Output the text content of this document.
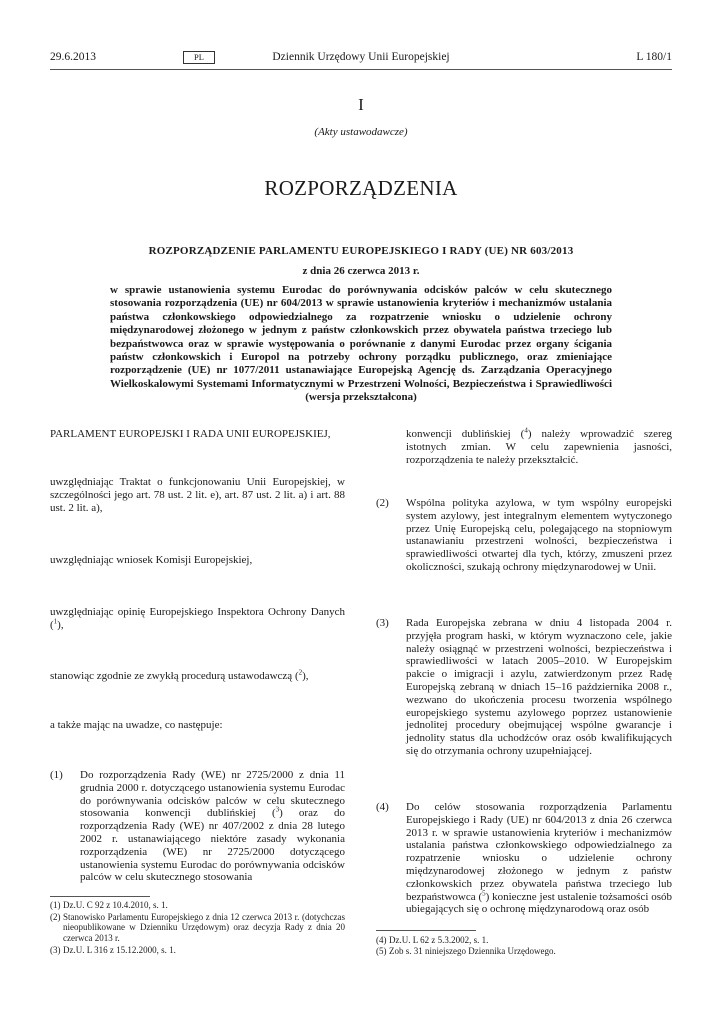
29.6.2013	PL	Dziennik Urzędowy Unii Europejskiej	L 180/1
I
(Akty ustawodawcze)
ROZPORZĄDZENIA
ROZPORZĄDZENIE PARLAMENTU EUROPEJSKIEGO I RADY (UE) NR 603/2013
z dnia 26 czerwca 2013 r.
w sprawie ustanowienia systemu Eurodac do porównywania odcisków palców w celu skutecznego stosowania rozporządzenia (UE) nr 604/2013 w sprawie ustanowienia kryteriów i mechanizmów ustalania państwa członkowskiego odpowiedzialnego za rozpatrzenie wniosku o udzielenie ochrony międzynarodowej złożonego w jednym z państw członkowskich przez obywatela państwa trzeciego lub bezpaństwowca oraz w sprawie występowania o porównanie z danymi Eurodac przez organy ścigania państw członkowskich i Europol na potrzeby ochrony porządku publicznego, oraz zmieniające rozporządzenie (UE) nr 1077/2011 ustanawiające Europejską Agencję ds. Zarządzania Operacyjnego Wielkoskalowymi Systemami Informatycznymi w Przestrzeni Wolności, Bezpieczeństwa i Sprawiedliwości (wersja przekształcona)

PARLAMENT EUROPEJSKI I RADA UNII EUROPEJSKIEJ,

uwzględniając Traktat o funkcjonowaniu Unii Europejskiej, w szczególności jego art. 78 ust. 2 lit. e), art. 87 ust. 2 lit. a) i art. 88 ust. 2 lit. a),

uwzględniając wniosek Komisji Europejskiej,

uwzględniając opinię Europejskiego Inspektora Ochrony Danych ($^1$),

stanowiąc zgodnie ze zwykłą procedurą ustawodawczą ($^2$),

a także mając na uwadze, co następuje:

(1) Do rozporządzenia Rady (WE) nr 2725/2000 z dnia 11 grudnia 2000 r. dotyczącego ustanowienia systemu Eurodac do porównywania odcisków palców w celu skutecznego stosowania konwencji dublińskiej ($^3$) oraz do rozporządzenia Rady (WE) nr 407/2002 z dnia 28 lutego 2002 r. ustanawiającego niektóre zasady wykonania rozporządzenia (WE) nr 2725/2000 dotyczącego ustanowienia systemu Eurodac do porównywania odcisków palców w celu skutecznego stosowania

(1) Dz.U. C 92 z 10.4.2010, s. 1.

(2) Stanowisko Parlamentu Europejskiego z dnia 12 czerwca 2013 r. (dotychczas nieopublikowane w Dzienniku Urzędowym) oraz decyzja Rady z dnia 20 czerwca 2013 r.

(3) Dz.U. L 316 z 15.12.2000, s. 1.

konwencji dublińskiej ($^4$) należy wprowadzić szereg istotnych zmian. W celu zapewnienia jasności, rozporządzenia te należy przekształcić.

(2) Wspólna polityka azylowa, w tym wspólny europejski system azylowy, jest integralnym elementem wytyczonego przez Unię Europejską celu, polegającego na stopniowym ustanawianiu przestrzeni wolności, bezpieczeństwa i sprawiedliwości otwartej dla tych, którzy, zmuszeni przez okoliczności, szukają ochrony międzynarodowej w Unii.

(3) Rada Europejska zebrana w dniu 4 listopada 2004 r. przyjęła program haski, w którym wyznaczono cele, jakie należy osiągnąć w przestrzeni wolności, bezpieczeństwa i sprawiedliwości w latach 2005–2010. W Europejskim pakcie o imigracji i azylu, zatwierdzonym przez Radę Europejską zebraną w dniach 15–16 października 2008 r., wezwano do ukończenia procesu tworzenia wspólnego europejskiego systemu azylowego poprzez ustanowienie jednolitej procedury obejmującej wspólne gwarancje i jednolity status dla uchodźców oraz osób kwalifikujących się do otrzymania ochrony uzupełniającej.

(4) Do celów stosowania rozporządzenia Parlamentu Europejskiego i Rady (UE) nr 604/2013 z dnia 26 czerwca 2013 r. w sprawie ustanowienia kryteriów i mechanizmów ustalania państwa członkowskiego odpowiedzialnego za rozpatrzenie wniosku o udzielenie ochrony międzynarodowej złożonego w jednym z państw członkowskich przez obywatela państwa trzeciego lub bezpaństwowca ($^5$) konieczne jest ustalenie tożsamości osób ubiegających się o ochronę międzynarodową oraz osób

(4) Dz.U. L 62 z 5.3.2002, s. 1.

(5) Zob s. 31 niniejszego Dziennika Urzędowego.
